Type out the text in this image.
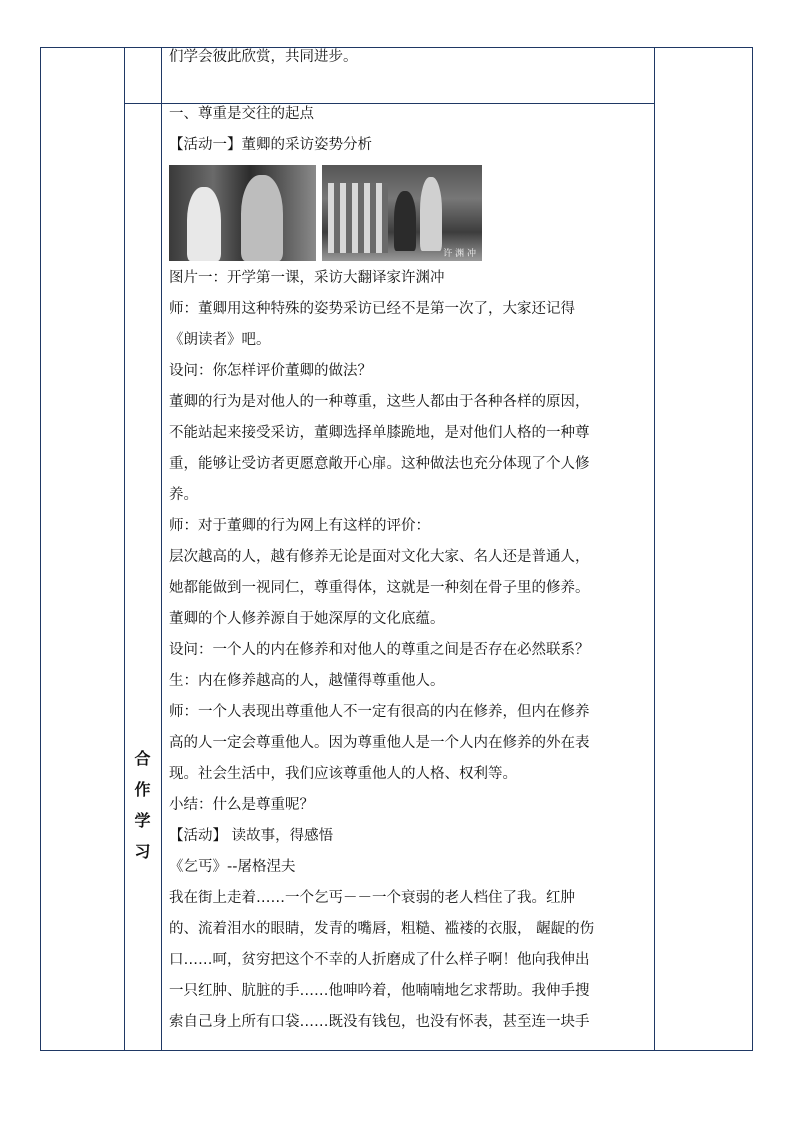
们学会彼此欣赏，共同进步。

合
作
学
习

一、尊重是交往的起点

【活动一】董卿的采访姿势分析

许 渊 冲

图片一：开学第一课，采访大翻译家许渊冲

师：董卿用这种特殊的姿势采访已经不是第一次了，大家还记得

《朗读者》吧。

设问：你怎样评价董卿的做法？

董卿的行为是对他人的一种尊重，这些人都由于各种各样的原因，

不能站起来接受采访，董卿选择单膝跪地，是对他们人格的一种尊

重，能够让受访者更愿意敞开心扉。这种做法也充分体现了个人修

养。

师：对于董卿的行为网上有这样的评价：

层次越高的人，越有修养无论是面对文化大家、名人还是普通人，

她都能做到一视同仁，尊重得体，这就是一种刻在骨子里的修养。

董卿的个人修养源自于她深厚的文化底蕴。

设问：一个人的内在修养和对他人的尊重之间是否存在必然联系？

生：内在修养越高的人，越懂得尊重他人。

师：一个人表现出尊重他人不一定有很高的内在修养，但内在修养

高的人一定会尊重他人。因为尊重他人是一个人内在修养的外在表

现。社会生活中，我们应该尊重他人的人格、权利等。

小结：什么是尊重呢？

【活动】 读故事，得感悟

《乞丐》--屠格涅夫

我在街上走着……一个乞丐－－一个衰弱的老人档住了我。红肿

的、流着泪水的眼睛，发青的嘴唇，粗糙、褴褛的衣服， 龌龊的伤

口……呵，贫穷把这个不幸的人折磨成了什么样子啊！他向我伸出

一只红肿、肮脏的手……他呻吟着，他喃喃地乞求帮助。我伸手搜

索自己身上所有口袋……既没有钱包，也没有怀表，甚至连一块手
